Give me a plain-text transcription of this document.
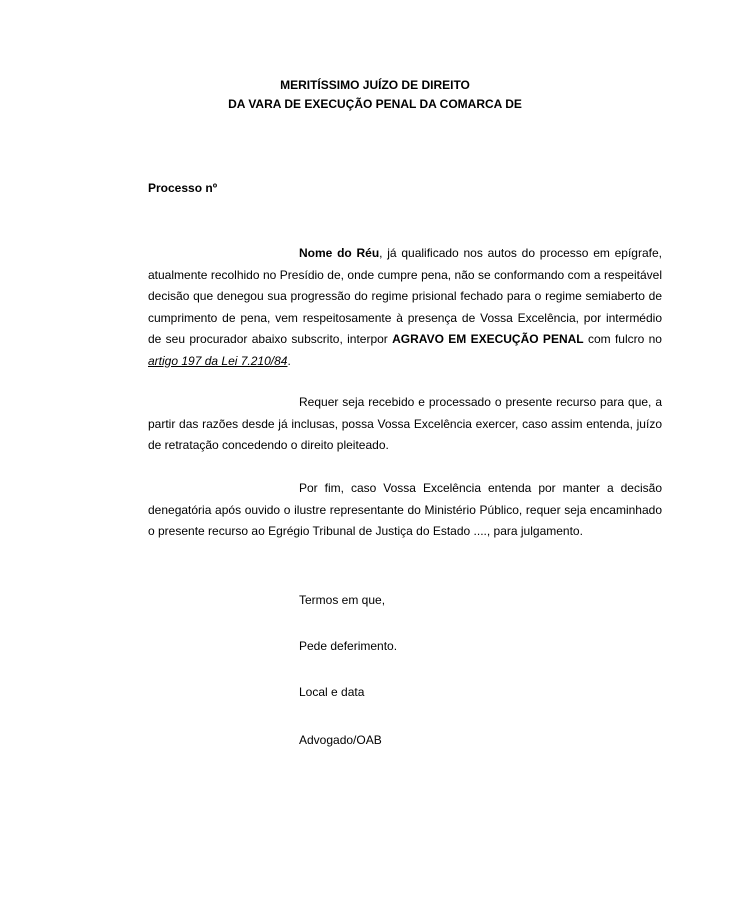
MERITÍSSIMO JUÍZO DE DIREITO
DA VARA DE EXECUÇÃO PENAL DA COMARCA DE
Processo nº
Nome do Réu, já qualificado nos autos do processo em epígrafe, atualmente recolhido no Presídio de, onde cumpre pena, não se conformando com a respeitável decisão que denegou sua progressão do regime prisional fechado para o regime semiaberto de cumprimento de pena, vem respeitosamente à presença de Vossa Excelência, por intermédio de seu procurador abaixo subscrito, interpor AGRAVO EM EXECUÇÃO PENAL com fulcro no artigo 197 da Lei 7.210/84.
Requer seja recebido e processado o presente recurso para que, a partir das razões desde já inclusas, possa Vossa Excelência exercer, caso assim entenda, juízo de retratação concedendo o direito pleiteado.
Por fim, caso Vossa Excelência entenda por manter a decisão denegatória após ouvido o ilustre representante do Ministério Público, requer seja encaminhado o presente recurso ao Egrégio Tribunal de Justiça do Estado ...., para julgamento.
Termos em que,
Pede deferimento.
Local e data
Advogado/OAB
